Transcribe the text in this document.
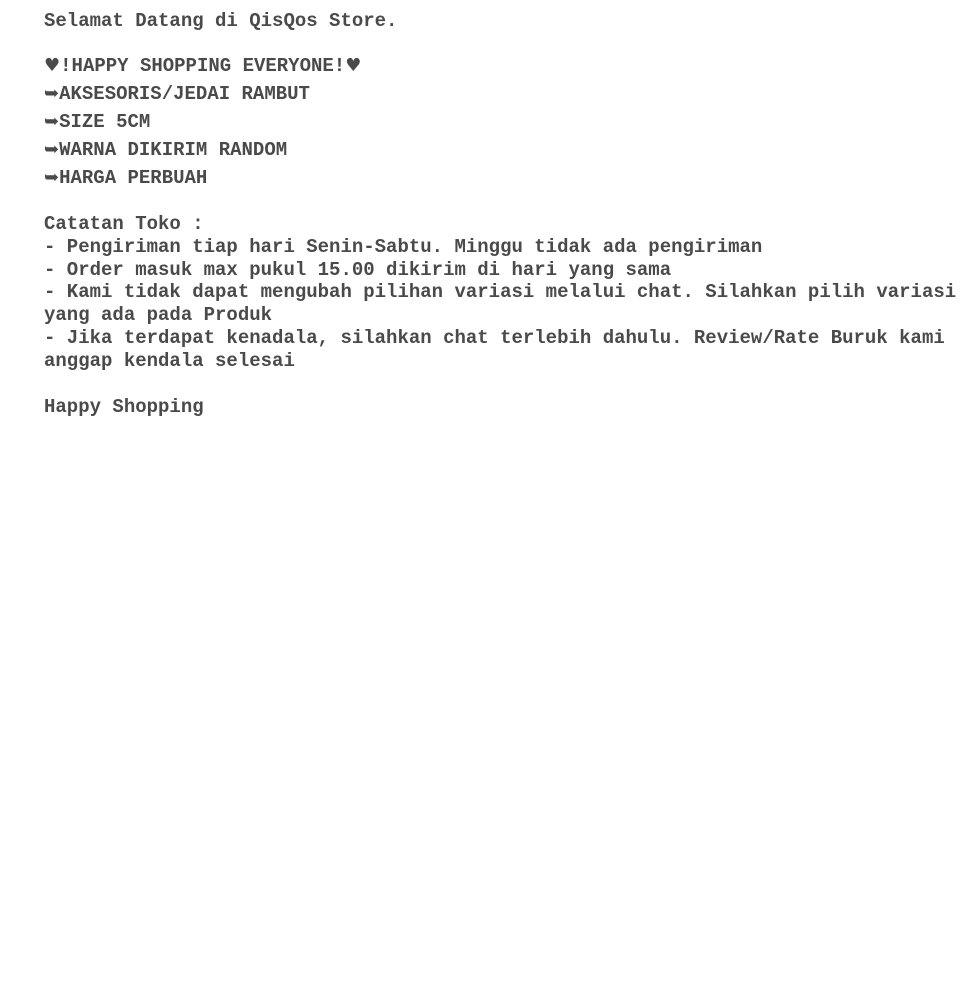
Selamat Datang di QisQos Store.
♥!HAPPY SHOPPING EVERYONE!♥
➥AKSESORIS/JEDAI RAMBUT
➥SIZE 5CM
➥WARNA DIKIRIM RANDOM
➥HARGA PERBUAH
Catatan Toko :
- Pengiriman tiap hari Senin-Sabtu. Minggu tidak ada pengiriman
- Order masuk max pukul 15.00 dikirim di hari yang sama
- Kami tidak dapat mengubah pilihan variasi melalui chat. Silahkan pilih variasi yang ada pada Produk
- Jika terdapat kenadala, silahkan chat terlebih dahulu. Review/Rate Buruk kami anggap kendala selesai
Happy Shopping
